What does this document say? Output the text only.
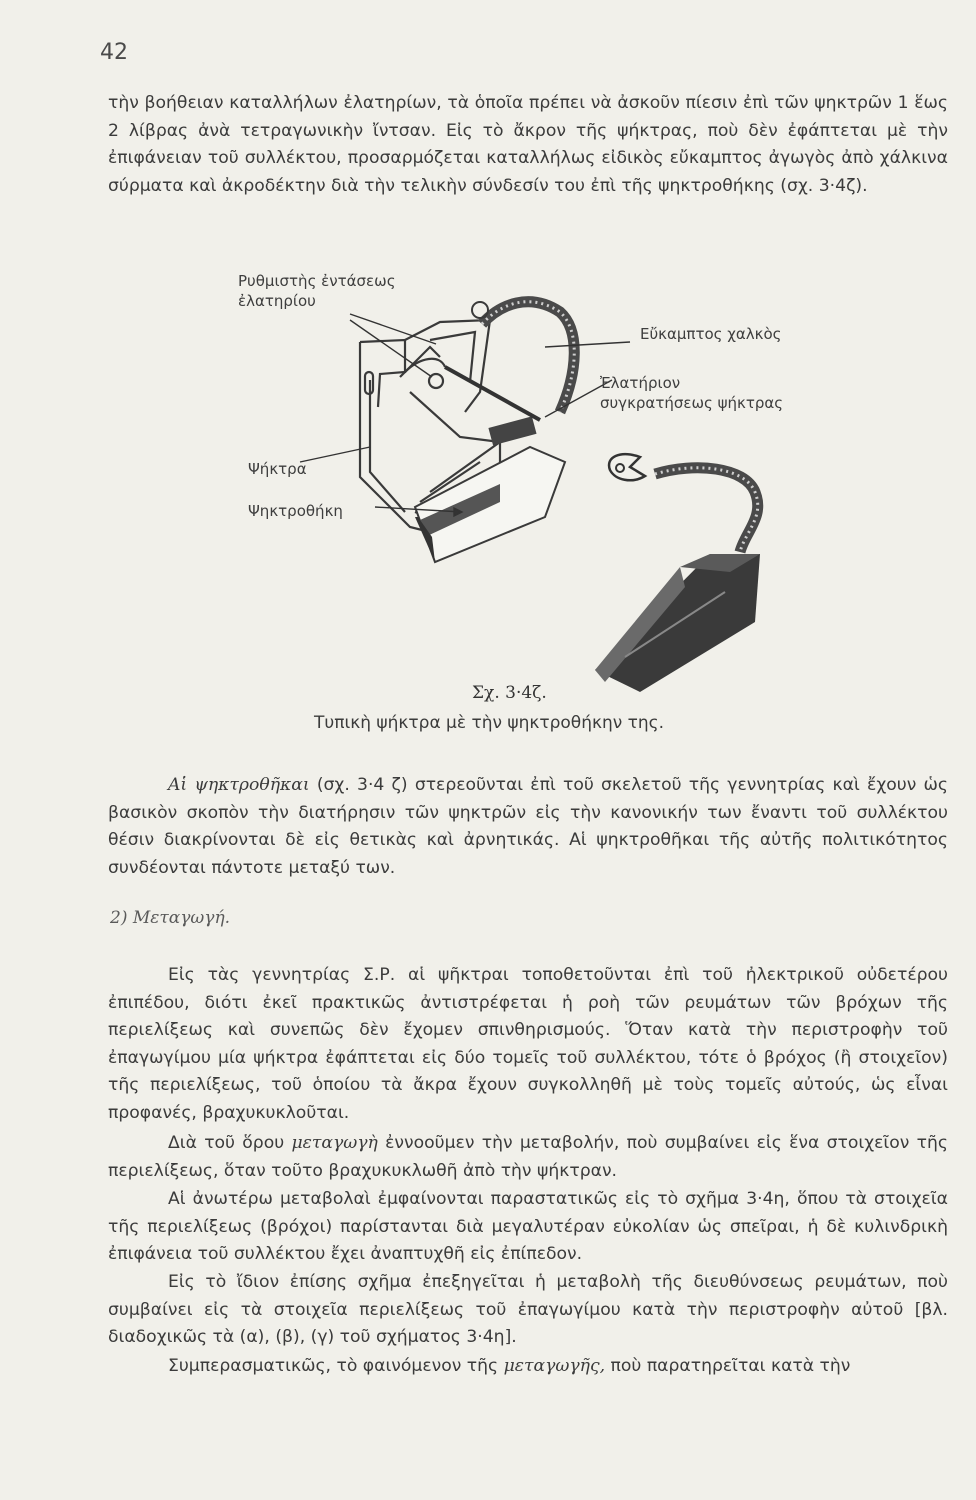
42

τὴν βοήθειαν καταλλήλων ἐλατηρίων, τὰ ὁποῖα πρέπει νὰ ἀσκοῦν πίεσιν ἐπὶ τῶν ψηκτρῶν 1 ἕως 2 λίβρας ἀνὰ τετραγωνικὴν ἴντσαν. Εἰς τὸ ἄκρον τῆς ψήκτρας, ποὺ δὲν ἐφάπτεται μὲ τὴν ἐπιφάνειαν τοῦ συλλέκτου, προσαρμόζεται καταλλήλως εἰδικὸς εὔκαμπτος ἀγωγὸς ἀπὸ χάλκινα σύρματα καὶ ἀκροδέκτην διὰ τὴν τελικὴν σύνδεσίν του ἐπὶ τῆς ψηκτροθήκης (σχ. 3·4ζ).

Ρυθμιστὴς ἐντάσεως
ἐλατηρίου
Εὔκαμπτος χαλκὸς
Ἐλατήριον
συγκρατήσεως ψήκτρας
Ψήκτρα
Ψηκτροθήκη
Σχ. 3·4ζ.
Τυπικὴ ψήκτρα μὲ τὴν ψηκτροθήκην της.

Αἱ ψηκτροθῆκαι (σχ. 3·4 ζ) στερεοῦνται ἐπὶ τοῦ σκελετοῦ τῆς γεννητρίας καὶ ἔχουν ὡς βασικὸν σκοπὸν τὴν διατήρησιν τῶν ψηκτρῶν εἰς τὴν κανονικήν των ἔναντι τοῦ συλλέκτου θέσιν διακρίνονται δὲ εἰς θετικὰς καὶ ἀρνητικάς. Αἱ ψηκτροθῆκαι τῆς αὐτῆς πολιτικότητος συνδέονται πάντοτε μεταξύ των.

2) Μεταγωγή.

Εἰς τὰς γεννητρίας Σ.Ρ. αἱ ψῆκτραι τοποθετοῦνται ἐπὶ τοῦ ἠλεκτρικοῦ οὐδετέρου ἐπιπέδου, διότι ἐκεῖ πρακτικῶς ἀντιστρέφεται ἡ ροὴ τῶν ρευμάτων τῶν βρόχων τῆς περιελίξεως καὶ συνεπῶς δὲν ἔχομεν σπινθηρισμούς. Ὅταν κατὰ τὴν περιστροφὴν τοῦ ἐπαγωγίμου μία ψήκτρα ἐφάπτεται εἰς δύο τομεῖς τοῦ συλλέκτου, τότε ὁ βρόχος (ἢ στοιχεῖον) τῆς περιελίξεως, τοῦ ὁποίου τὰ ἄκρα ἔχουν συγκολληθῆ μὲ τοὺς τομεῖς αὐτούς, ὡς εἶναι προφανές, βραχυκυκλοῦται.

Διὰ τοῦ ὅρου μεταγωγὴ ἐννοοῦμεν τὴν μεταβολήν, ποὺ συμβαίνει εἰς ἕνα στοιχεῖον τῆς περιελίξεως, ὅταν τοῦτο βραχυκυκλωθῆ ἀπὸ τὴν ψήκτραν.

Αἱ ἀνωτέρω μεταβολαὶ ἐμφαίνονται παραστατικῶς εἰς τὸ σχῆμα 3·4η, ὅπου τὰ στοιχεῖα τῆς περιελίξεως (βρόχοι) παρίστανται διὰ μεγαλυτέραν εὐκολίαν ὡς σπεῖραι, ἡ δὲ κυλινδρικὴ ἐπιφάνεια τοῦ συλλέκτου ἔχει ἀναπτυχθῆ εἰς ἐπίπεδον.

Εἰς τὸ ἴδιον ἐπίσης σχῆμα ἐπεξηγεῖται ἡ μεταβολὴ τῆς διευθύνσεως ρευμάτων, ποὺ συμβαίνει εἰς τὰ στοιχεῖα περιελίξεως τοῦ ἐπαγωγίμου κατὰ τὴν περιστροφὴν αὐτοῦ [βλ. διαδοχικῶς τὰ (α), (β), (γ) τοῦ σχήματος 3·4η].

Συμπερασματικῶς, τὸ φαινόμενον τῆς μεταγωγῆς, ποὺ παρατηρεῖται κατὰ τὴν
